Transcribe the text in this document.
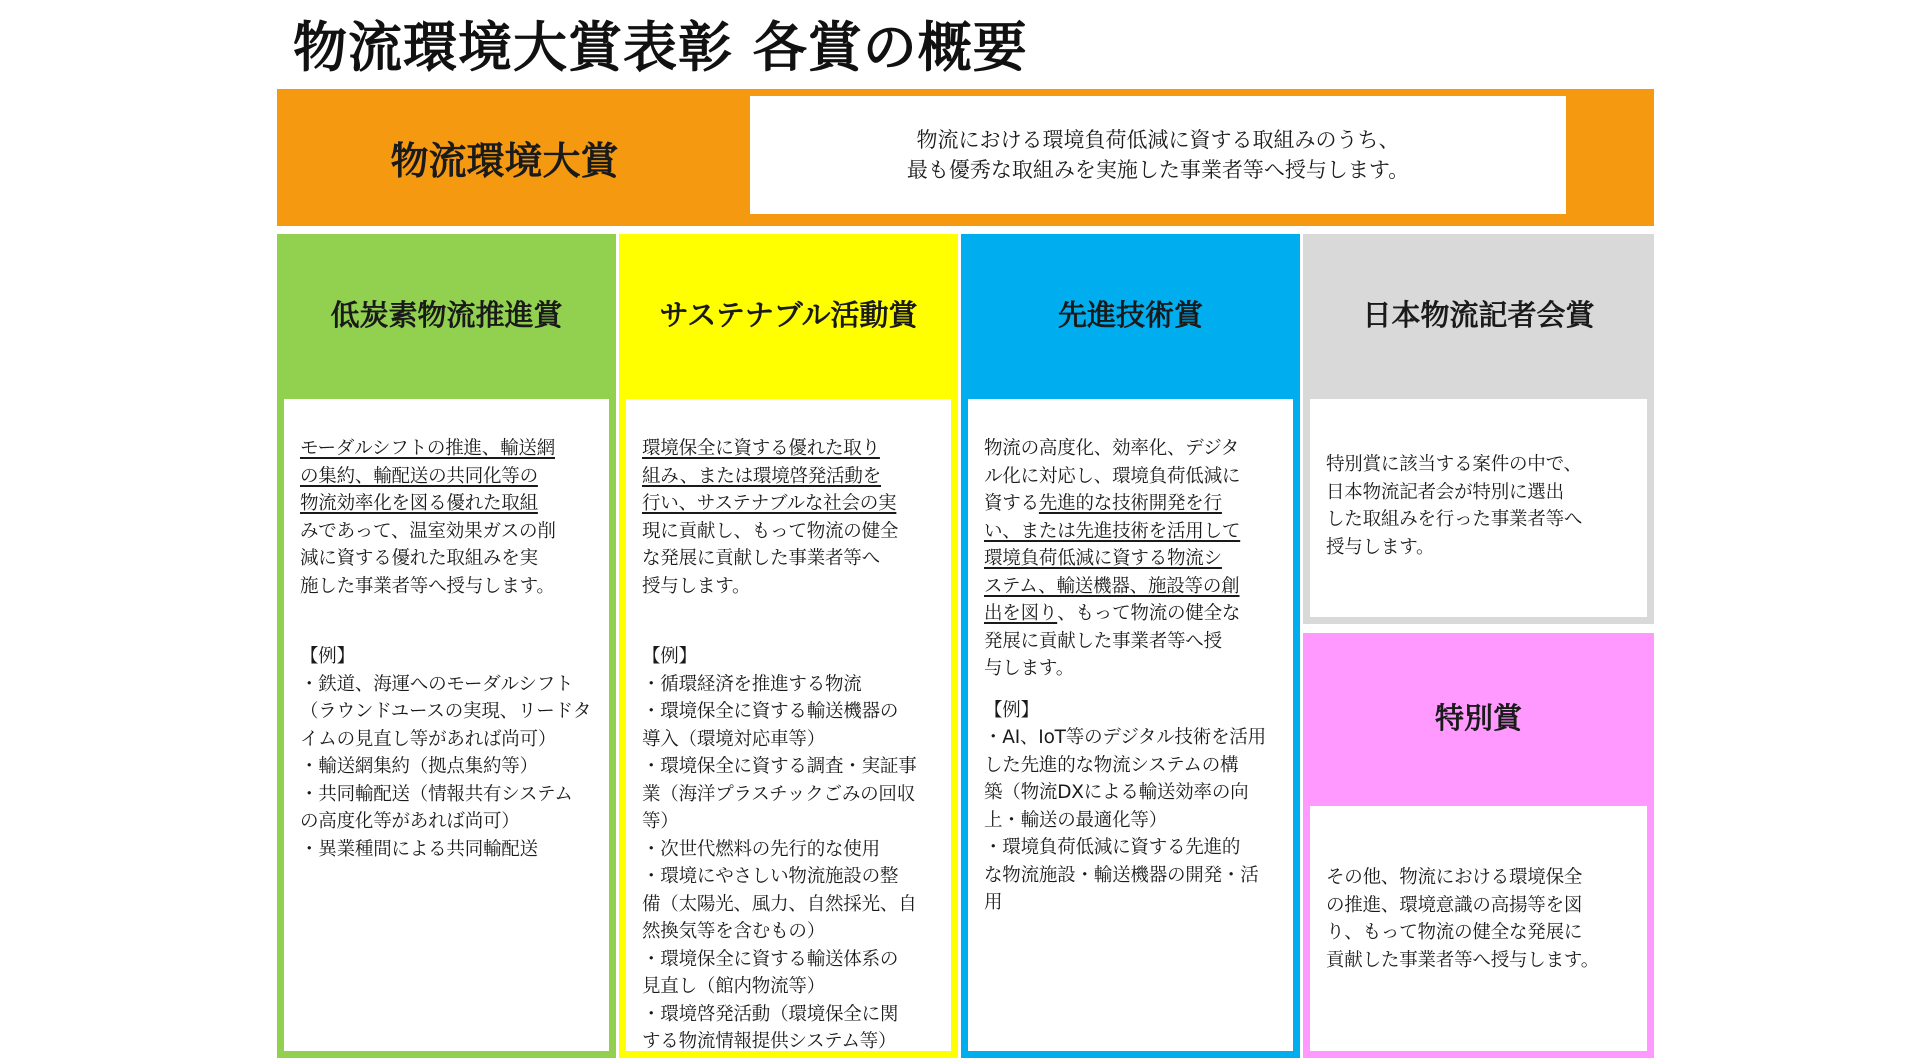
物流環境大賞表彰 各賞の概要
物流環境大賞	物流における環境負荷低減に資する取組みのうち、
最も優秀な取組みを実施した事業者等へ授与します。
低炭素物流推進賞
モーダルシフトの推進、輸送網
の集約、輸配送の共同化等の
物流効率化を図る優れた取組
みであって、温室効果ガスの削
減に資する優れた取組みを実
施した事業者等へ授与します。
【例】
・鉄道、海運へのモーダルシフト
（ラウンドユースの実現、リードタ
イムの見直し等があれば尚可）
・輸送網集約（拠点集約等）
・共同輸配送（情報共有システム
の高度化等があれば尚可）
・異業種間による共同輸配送
サステナブル活動賞
環境保全に資する優れた取り
組み、または環境啓発活動を
行い、サステナブルな社会の実
現に貢献し、もって物流の健全
な発展に貢献した事業者等へ
授与します。
【例】
・循環経済を推進する物流
・環境保全に資する輸送機器の
導入（環境対応車等）
・環境保全に資する調査・実証事
業（海洋プラスチックごみの回収
等）
・次世代燃料の先行的な使用
・環境にやさしい物流施設の整
備（太陽光、風力、自然採光、自
然換気等を含むもの）
・環境保全に資する輸送体系の
見直し（館内物流等）
・環境啓発活動（環境保全に関
する物流情報提供システム等）
先進技術賞
物流の高度化、効率化、デジタ
ル化に対応し、環境負荷低減に
資する先進的な技術開発を行
い、または先進技術を活用して
環境負荷低減に資する物流シ
ステム、輸送機器、施設等の創
出を図り、もって物流の健全な
発展に貢献した事業者等へ授
与します。
【例】
・AI、IoT等のデジタル技術を活用
した先進的な物流システムの構
築（物流DXによる輸送効率の向
上・輸送の最適化等）
・環境負荷低減に資する先進的
な物流施設・輸送機器の開発・活
用
日本物流記者会賞
特別賞に該当する案件の中で、
日本物流記者会が特別に選出
した取組みを行った事業者等へ
授与します。
特別賞
その他、物流における環境保全
の推進、環境意識の高揚等を図
り、もって物流の健全な発展に
貢献した事業者等へ授与します。
